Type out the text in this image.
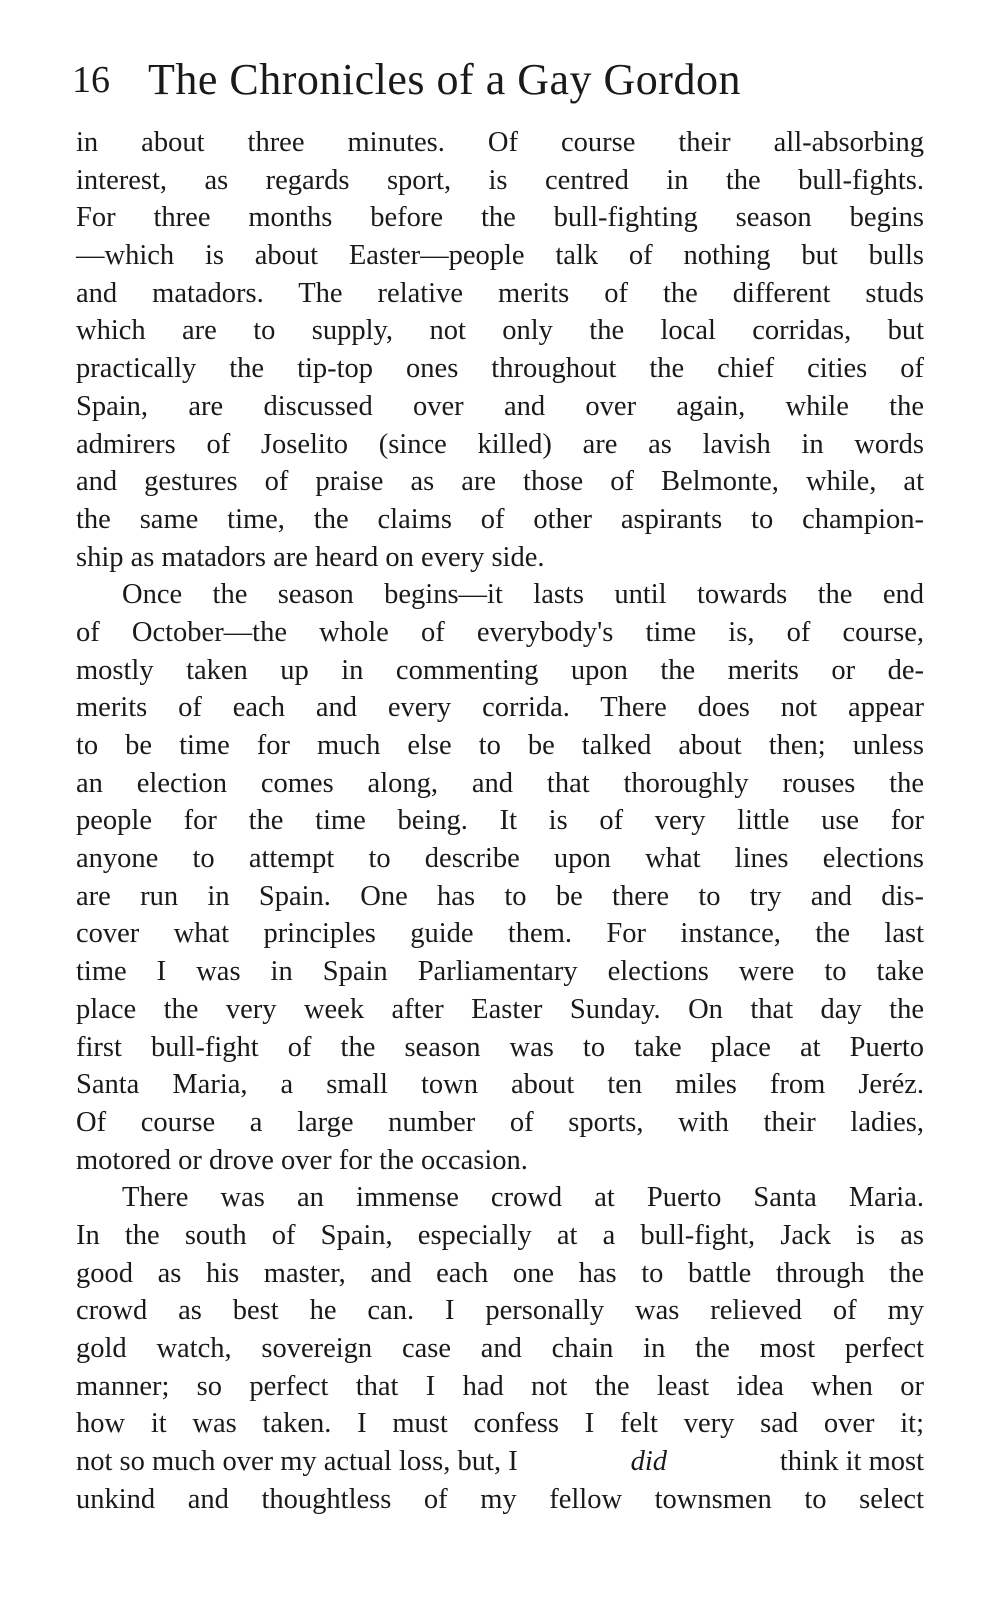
16 The Chronicles of a Gay Gordon
in about three minutes. Of course their all-absorbing
interest, as regards sport, is centred in the bull-fights.
For three months before the bull-fighting season begins
—which is about Easter—people talk of nothing but bulls
and matadors. The relative merits of the different studs
which are to supply, not only the local corridas, but
practically the tip-top ones throughout the chief cities of
Spain, are discussed over and over again, while the
admirers of Joselito (since killed) are as lavish in words
and gestures of praise as are those of Belmonte, while, at
the same time, the claims of other aspirants to champion-
ship as matadors are heard on every side.
Once the season begins—it lasts until towards the end
of October—the whole of everybody's time is, of course,
mostly taken up in commenting upon the merits or de-
merits of each and every corrida. There does not appear
to be time for much else to be talked about then; unless
an election comes along, and that thoroughly rouses the
people for the time being. It is of very little use for
anyone to attempt to describe upon what lines elections
are run in Spain. One has to be there to try and dis-
cover what principles guide them. For instance, the last
time I was in Spain Parliamentary elections were to take
place the very week after Easter Sunday. On that day the
first bull-fight of the season was to take place at Puerto
Santa Maria, a small town about ten miles from Jeréz.
Of course a large number of sports, with their ladies,
motored or drove over for the occasion.
There was an immense crowd at Puerto Santa Maria.
In the south of Spain, especially at a bull-fight, Jack is as
good as his master, and each one has to battle through the
crowd as best he can. I personally was relieved of my
gold watch, sovereign case and chain in the most perfect
manner; so perfect that I had not the least idea when or
how it was taken. I must confess I felt very sad over it;
not so much over my actual loss, but, I	did	think it most
unkind and thoughtless of my fellow townsmen to select
